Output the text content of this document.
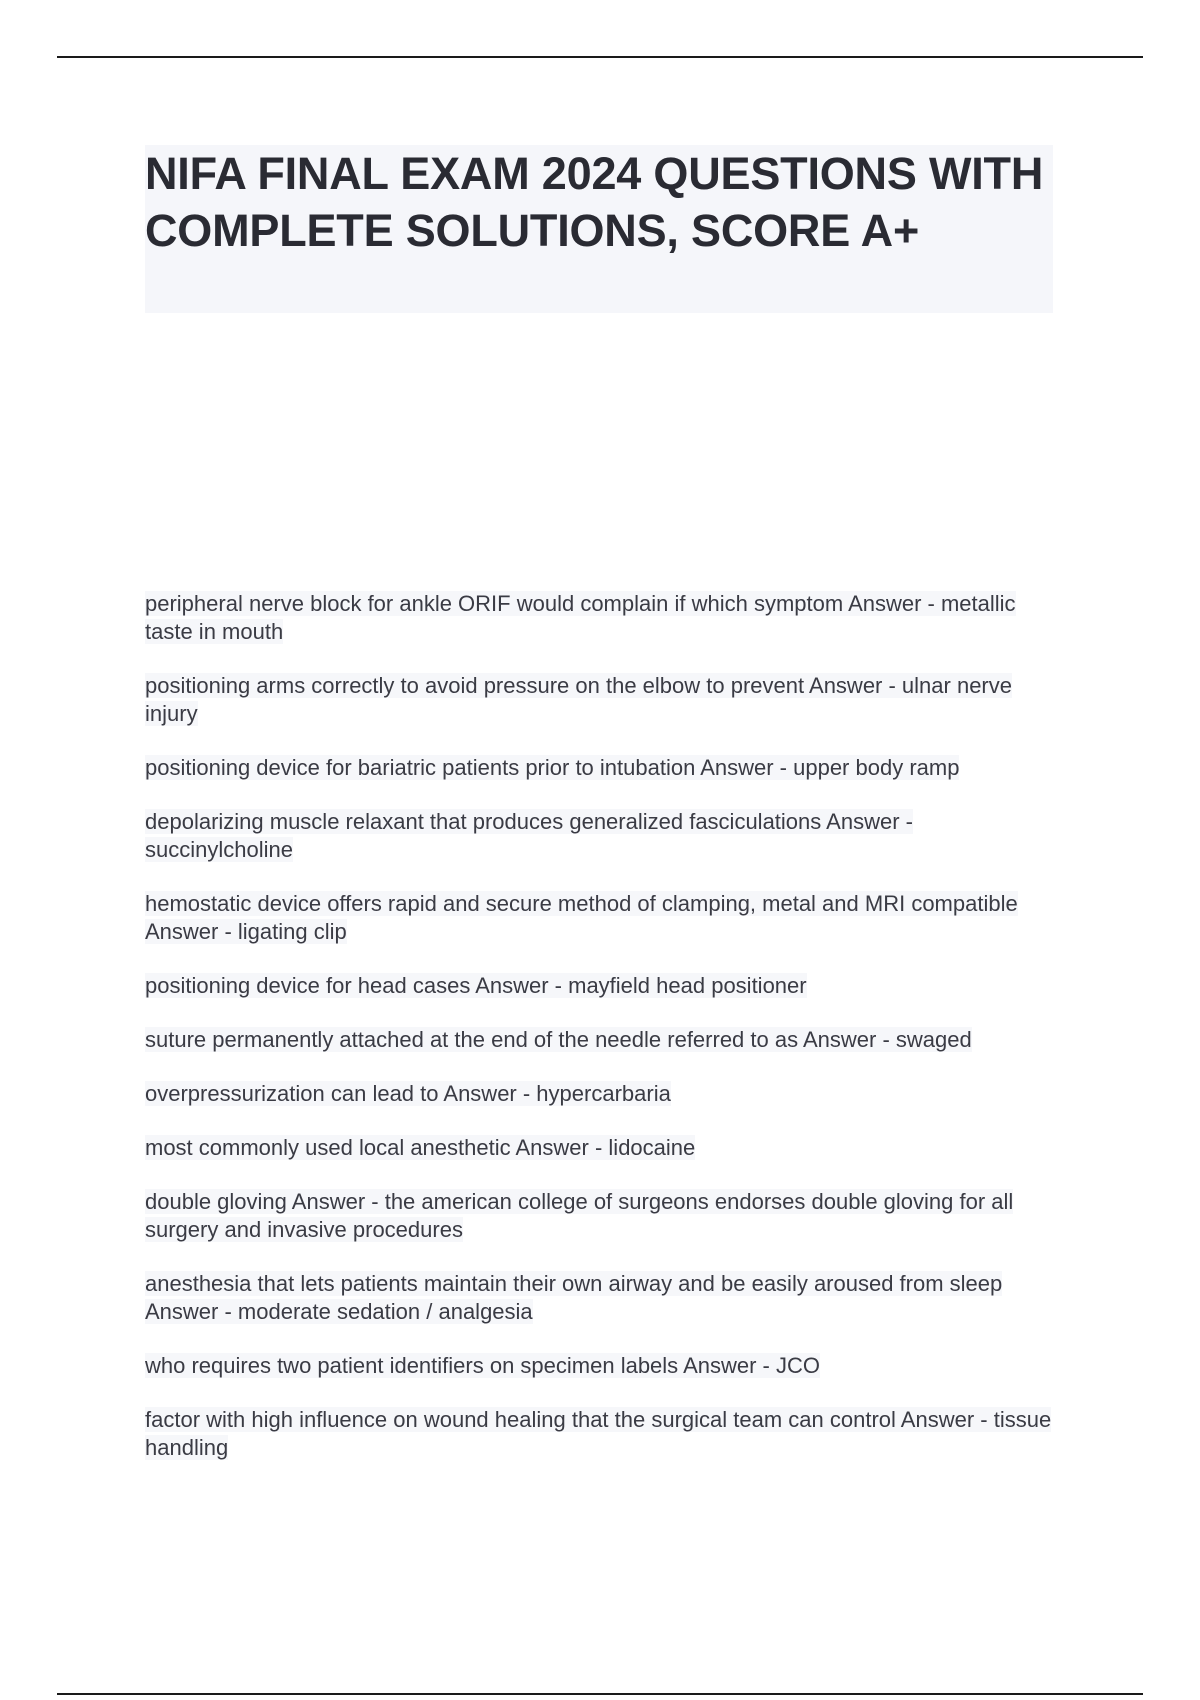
NIFA FINAL EXAM 2024 QUESTIONS WITH COMPLETE SOLUTIONS, SCORE A+

peripheral nerve block for ankle ORIF would complain if which symptom Answer - metallic taste in mouth

positioning arms correctly to avoid pressure on the elbow to prevent Answer - ulnar nerve injury

positioning device for bariatric patients prior to intubation Answer - upper body ramp

depolarizing muscle relaxant that produces generalized fasciculations Answer - succinylcholine

hemostatic device offers rapid and secure method of clamping, metal and MRI compatible Answer - ligating clip

positioning device for head cases Answer - mayfield head positioner

suture permanently attached at the end of the needle referred to as Answer - swaged

overpressurization can lead to Answer - hypercarbaria

most commonly used local anesthetic Answer - lidocaine

double gloving Answer - the american college of surgeons endorses double gloving for all surgery and invasive procedures

anesthesia that lets patients maintain their own airway and be easily aroused from sleep Answer - moderate sedation / analgesia

who requires two patient identifiers on specimen labels Answer - JCO

factor with high influence on wound healing that the surgical team can control Answer - tissue handling
